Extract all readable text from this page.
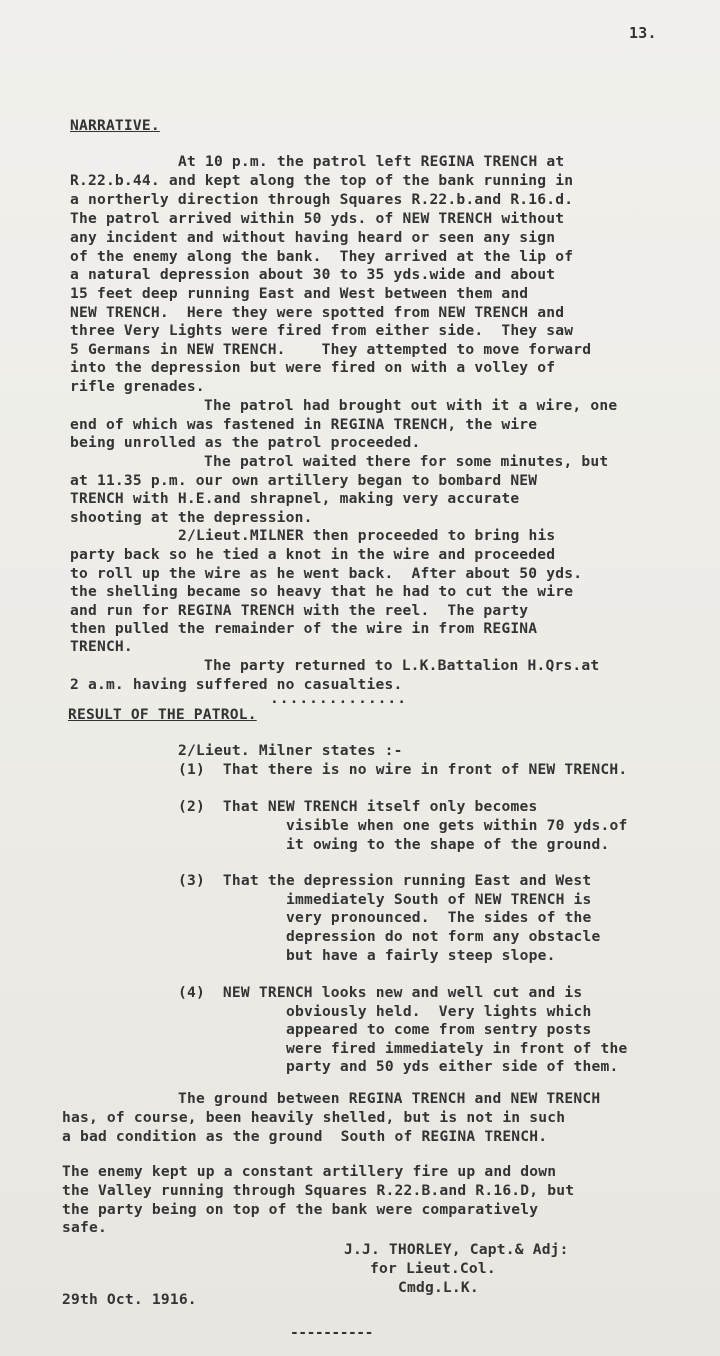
13.
NARRATIVE.
At 10 p.m. the patrol left REGINA TRENCH at
R.22.b.44. and kept along the top of the bank running in
a northerly direction through Squares R.22.b.and R.16.d.
The patrol arrived within 50 yds. of NEW TRENCH without
any incident and without having heard or seen any sign
of the enemy along the bank.  They arrived at the lip of
a natural depression about 30 to 35 yds.wide and about
15 feet deep running East and West between them and
NEW TRENCH.  Here they were spotted from NEW TRENCH and
three Very Lights were fired from either side.  They saw
5 Germans in NEW TRENCH.    They attempted to move forward
into the depression but were fired on with a volley of
rifle grenades.
The patrol had brought out with it a wire, one
end of which was fastened in REGINA TRENCH, the wire
being unrolled as the patrol proceeded.
The patrol waited there for some minutes, but
at 11.35 p.m. our own artillery began to bombard NEW
TRENCH with H.E.and shrapnel, making very accurate
shooting at the depression.
2/Lieut.MILNER then proceeded to bring his
party back so he tied a knot in the wire and proceeded
to roll up the wire as he went back.  After about 50 yds.
the shelling became so heavy that he had to cut the wire
and run for REGINA TRENCH with the reel.  The party
then pulled the remainder of the wire in from REGINA
TRENCH.
The party returned to L.K.Battalion H.Qrs.at
2 a.m. having suffered no casualties.
..............
RESULT OF THE PATROL.
2/Lieut. Milner states :-
(1)  That there is no wire in front of NEW TRENCH.
(2)  That NEW TRENCH itself only becomes
visible when one gets within 70 yds.of
it owing to the shape of the ground.
(3)  That the depression running East and West
immediately South of NEW TRENCH is
very pronounced.  The sides of the
depression do not form any obstacle
but have a fairly steep slope.
(4)  NEW TRENCH looks new and well cut and is
obviously held.  Very lights which
appeared to come from sentry posts
were fired immediately in front of the
party and 50 yds either side of them.
The ground between REGINA TRENCH and NEW TRENCH
has, of course, been heavily shelled, but is not in such
a bad condition as the ground  South of REGINA TRENCH.
The enemy kept up a constant artillery fire up and down
the Valley running through Squares R.22.B.and R.16.D, but
the party being on top of the bank were comparatively
safe.
J.J. THORLEY, Capt.& Adj:
for Lieut.Col.
Cmdg.L.K.
29th Oct. 1916.
----------
